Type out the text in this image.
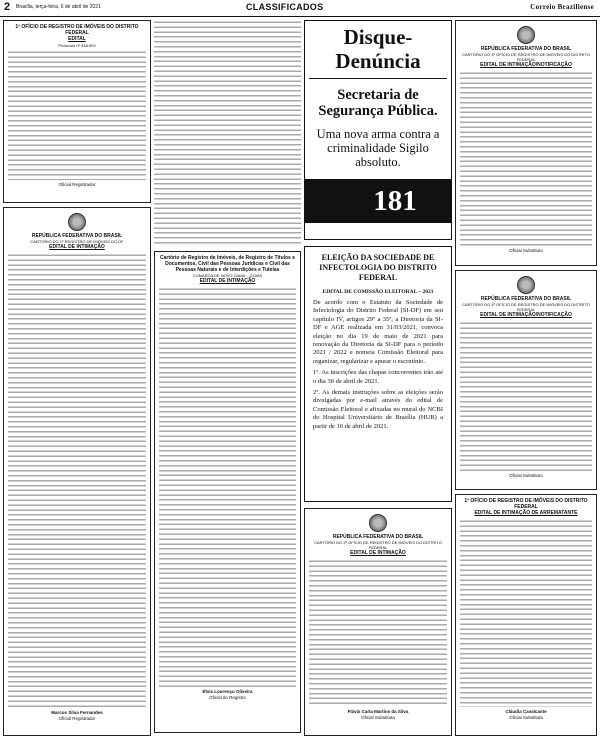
2 Brasília, terça-feira, 6 de abril de 2021	CLASSIFICADOS	Correio Braziliense
1º OFÍCIO DE REGISTRO DE IMÓVEIS DO DISTRITO FEDERAL
EDITAL
Protocolo nº 448.929
Oficial Registrador
REPÚBLICA FEDERATIVA DO BRASIL
CARTÓRIO DO 1º REGISTRO DE IMÓVEIS DO DF
EDITAL DE INTIMAÇÃO
Marcos Silva Fernandes
Oficial Registrador
Cartório de Registro de Imóveis, de Registro de Títulos e Documentos, Civil das Pessoas Jurídicas e Civil das Pessoas Naturais e de Interdições e Tutelas
COMARCA DE NOVO GAMA – GOIÁS
EDITAL DE INTIMAÇÃO
Élvis Lourenço Oliveira
Oficial do Registro
Disque-Denúncia
Secretaria de Segurança Pública.
Uma nova arma contra a criminalidade Sigilo absoluto.
181
ELEIÇÃO DA SOCIEDADE DE INFECTOLOGIA DO DISTRITO FEDERAL
EDITAL DE COMISSÃO ELEITORAL – 2021

De acordo com o Estatuto da Sociedade de Infectologia do Distrito Federal (SI-DF) em seu capítulo IV, artigos 29º a 35º, a Diretoria da SI-DF e AGE realizada em 31/03/2021, convoca eleição no dia 19 de maio de 2021 para renovação da Diretoria da SI-DF para o período 2021 / 2022 e nomeia Comissão Eleitoral para organizar, regularizar e apurar o escrutínio.

1º. As inscrições das chapas concorrentes irão até o dia 30 de abril de 2021.

2º. As demais instruções sobre as eleições serão divulgadas por e-mail através do edital de Comissão Eleitoral e afixadas no mural do NCBI do Hospital Universitário de Brasília (HUB) a partir de 10 de abril de 2021.

REPÚBLICA FEDERATIVA DO BRASIL
CARTÓRIO DO 2º OFÍCIO DE REGISTRO DE IMÓVEIS DO DISTRITO FEDERAL
EDITAL DE INTIMAÇÃO
Flávia Carla Martins da Silva
Oficial Substituta
REPÚBLICA FEDERATIVA DO BRASIL
CARTÓRIO DO 4º OFÍCIO DE REGISTRO DE IMÓVEIS DO DISTRITO FEDERAL
EDITAL DE INTIMAÇÃO/NOTIFICAÇÃO
Oficial Substituto
REPÚBLICA FEDERATIVA DO BRASIL
CARTÓRIO DO 4º OFÍCIO DE REGISTRO DE IMÓVEIS DO DISTRITO FEDERAL
EDITAL DE INTIMAÇÃO/NOTIFICAÇÃO
Oficial Substituto
1º OFÍCIO DE REGISTRO DE IMÓVEIS DO DISTRITO FEDERAL
EDITAL DE INTIMAÇÃO DE ARREMATANTE
Cláudia Cavalcante
Oficial Substituta
